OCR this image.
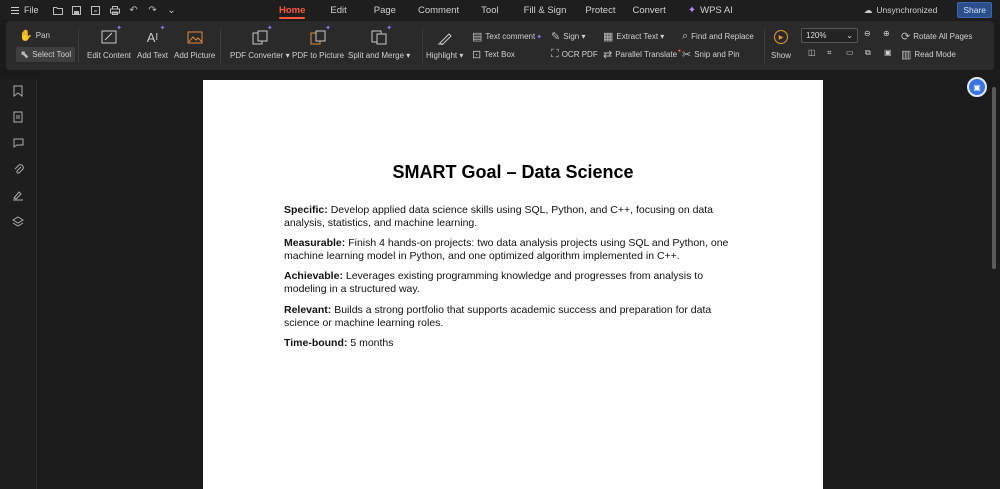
File	↶ ↷ ⌄	Home	Edit	Page Comment Tool	Fill & Sign Protect Convert ✦ WPS AI	☁ Unsynchronized	Share
✋ Pan
⬉ Select Tool
✦
Edit Content
A I
✦
Add Text Add Picture
✦
PDF Converter ▾
✦
PDF to Picture
✦
Split and Merge ▾ Highlight ▾
▤ Text comment ✦
⊡ Text Box
✎ Sign ▾
⛶ OCR PDF
▦ Extract Text ▾
⇄ Parallel Translate ●
⌕ Find and Replace
✂ Snip and Pin
▶
Show
120% ⌄ ⊖ ⊕
◫ ⌗ ▭ ⧉ ▣
⟳ Rotate All Pages
▥ Read Mode
SMART Goal – Data Science

Specific: Develop applied data science skills using SQL, Python, and C++, focusing on data analysis, statistics, and machine learning.

Measurable: Finish 4 hands-on projects: two data analysis projects using SQL and Python, one machine learning model in Python, and one optimized algorithm implemented in C++.

Achievable: Leverages existing programming knowledge and progresses from analysis to modeling in a structured way.

Relevant: Builds a strong portfolio that supports academic success and preparation for data science or machine learning roles.

Time-bound: 5 months

▣
